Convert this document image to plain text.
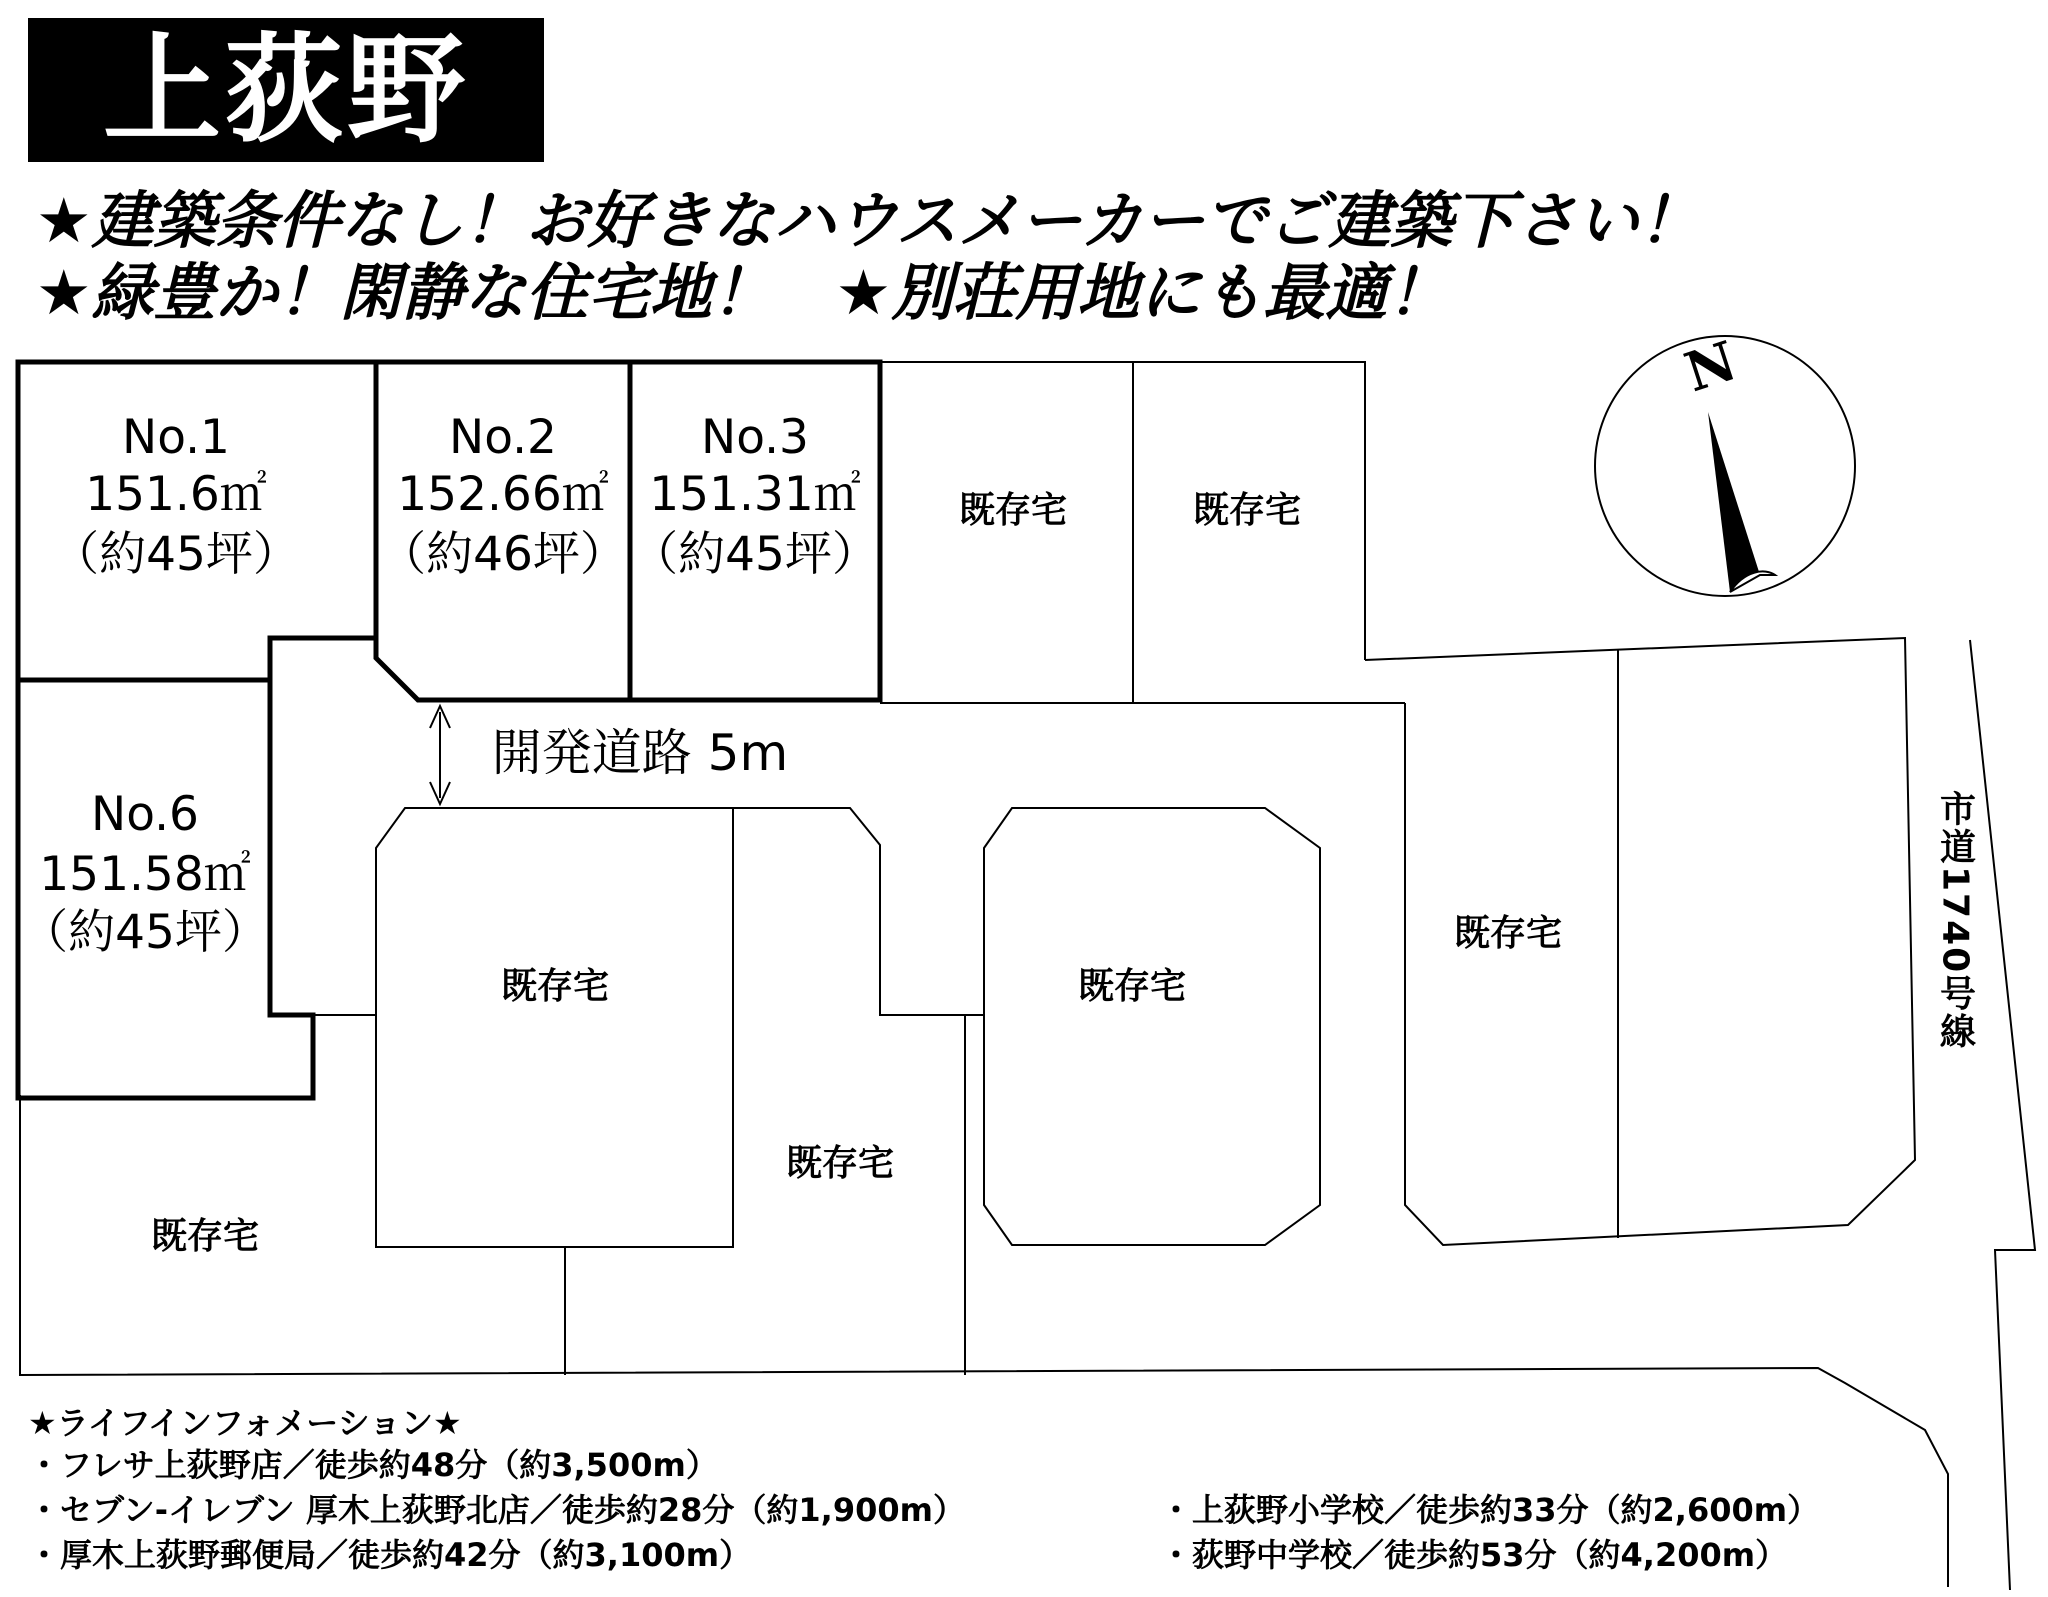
上荻野
★建築条件なし！お好きなハウスメーカーでご建築下さい！
★緑豊か！閑静な住宅地！　★別荘用地にも最適！
N
No.1
151.6㎡
（約45坪）
No.2
152.66㎡
（約46坪）
No.3
151.31㎡
（約45坪）
No.6
151.58㎡
（約45坪）
開発道路 5m
既存宅	既存宅
既存宅	既存宅
既存宅
既存宅
既存宅
市道1740号線
★ライフインフォメーション★
・フレサ上荻野店／徒歩約48分（約3,500m）
・セブン-イレブン 厚木上荻野北店／徒歩約28分（約1,900m）
・厚木上荻野郵便局／徒歩約42分（約3,100m）
・上荻野小学校／徒歩約33分（約2,600m）
・荻野中学校／徒歩約53分（約4,200m）
